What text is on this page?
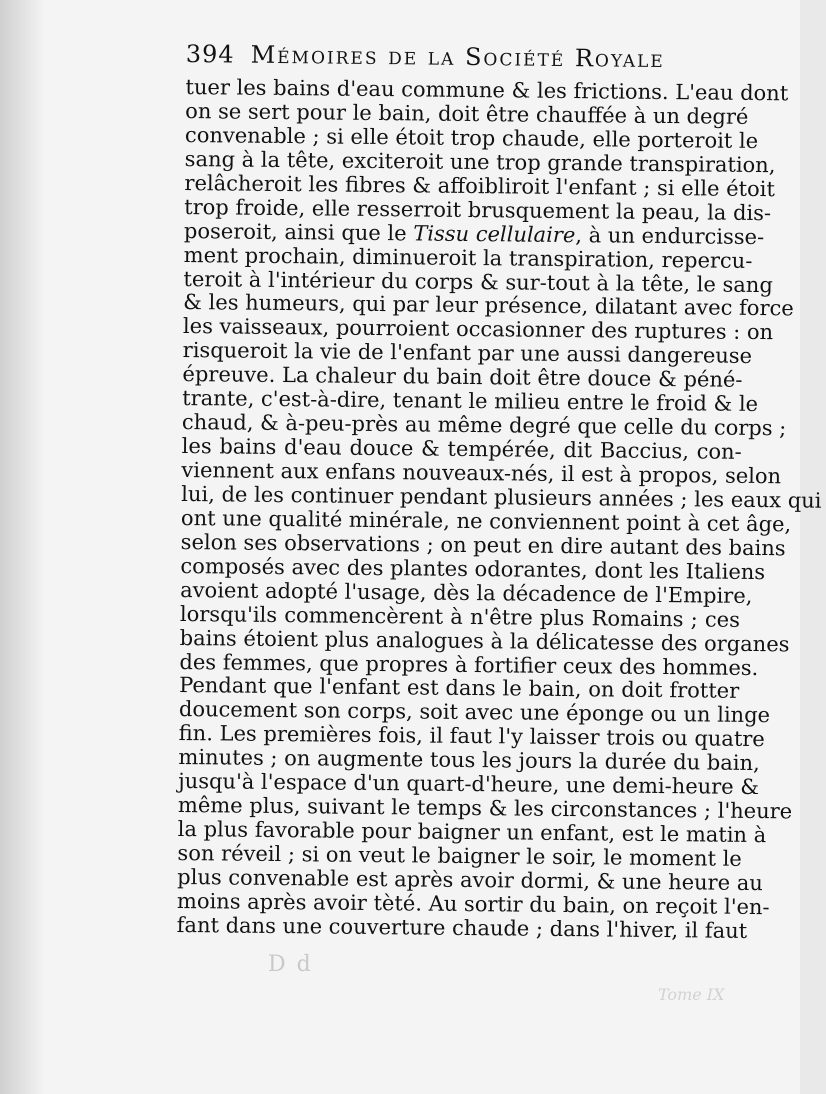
394 Mémoires de la Société Royale
tuer les bains d'eau commune & les frictions. L'eau dont
on se sert pour le bain, doit être chauffée à un degré
convenable ; si elle étoit trop chaude, elle porteroit le
sang à la tête, exciteroit une trop grande transpiration,
relâcheroit les fibres & affoibliroit l'enfant ; si elle étoit
trop froide, elle resserroit brusquement la peau, la dis-
poseroit, ainsi que le Tissu cellulaire, à un endurcisse-
ment prochain, diminueroit la transpiration, repercu-
teroit à l'intérieur du corps & sur-tout à la tête, le sang
& les humeurs, qui par leur présence, dilatant avec force
les vaisseaux, pourroient occasionner des ruptures : on
risqueroit la vie de l'enfant par une aussi dangereuse
épreuve. La chaleur du bain doit être douce & péné-
trante, c'est-à-dire, tenant le milieu entre le froid & le
chaud, & à-peu-près au même degré que celle du corps ;
les bains d'eau douce & tempérée, dit Baccius, con-
viennent aux enfans nouveaux-nés, il est à propos, selon
lui, de les continuer pendant plusieurs années ; les eaux qui
ont une qualité minérale, ne conviennent point à cet âge,
selon ses observations ; on peut en dire autant des bains
composés avec des plantes odorantes, dont les Italiens
avoient adopté l'usage, dès la décadence de l'Empire,
lorsqu'ils commencèrent à n'être plus Romains ; ces
bains étoient plus analogues à la délicatesse des organes
des femmes, que propres à fortifier ceux des hommes.
Pendant que l'enfant est dans le bain, on doit frotter
doucement son corps, soit avec une éponge ou un linge
fin. Les premières fois, il faut l'y laisser trois ou quatre
minutes ; on augmente tous les jours la durée du bain,
jusqu'à l'espace d'un quart-d'heure, une demi-heure &
même plus, suivant le temps & les circonstances ; l'heure
la plus favorable pour baigner un enfant, est le matin à
son réveil ; si on veut le baigner le soir, le moment le
plus convenable est après avoir dormi, & une heure au
moins après avoir tèté. Au sortir du bain, on reçoit l'en-
fant dans une couverture chaude ; dans l'hiver, il faut
D d
Tome IX
